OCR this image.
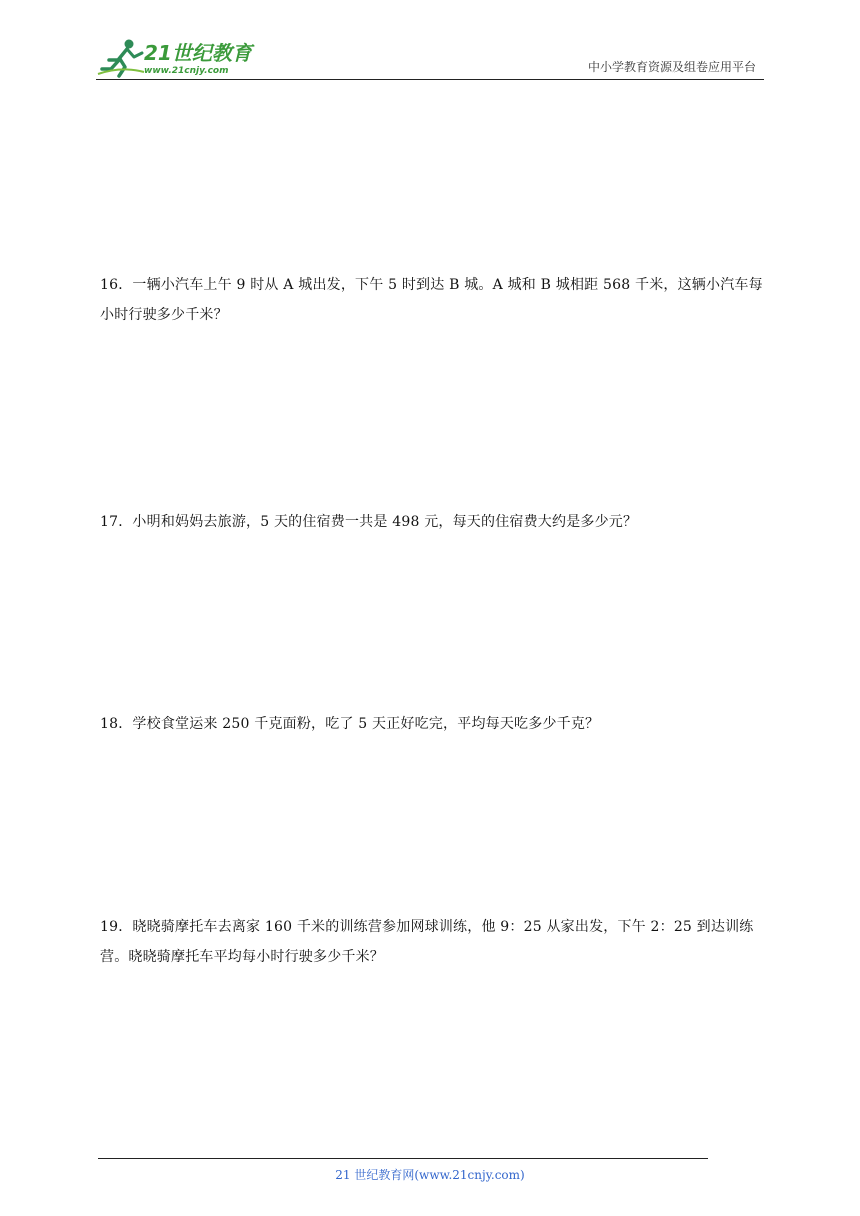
21世纪教育
www.21cnjy.com	中小学教育资源及组卷应用平台
16．一辆小汽车上午 9 时从 A 城出发，下午 5 时到达 B 城。A 城和 B 城相距 568 千米，这辆小汽车每小时行驶多少千米？
17．小明和妈妈去旅游，5 天的住宿费一共是 498 元，每天的住宿费大约是多少元？
18．学校食堂运来 250 千克面粉，吃了 5 天正好吃完，平均每天吃多少千克？
19．晓晓骑摩托车去离家 160 千米的训练营参加网球训练，他 9：25 从家出发，下午 2：25 到达训练营。晓晓骑摩托车平均每小时行驶多少千米？
21 世纪教育网(www.21cnjy.com)
